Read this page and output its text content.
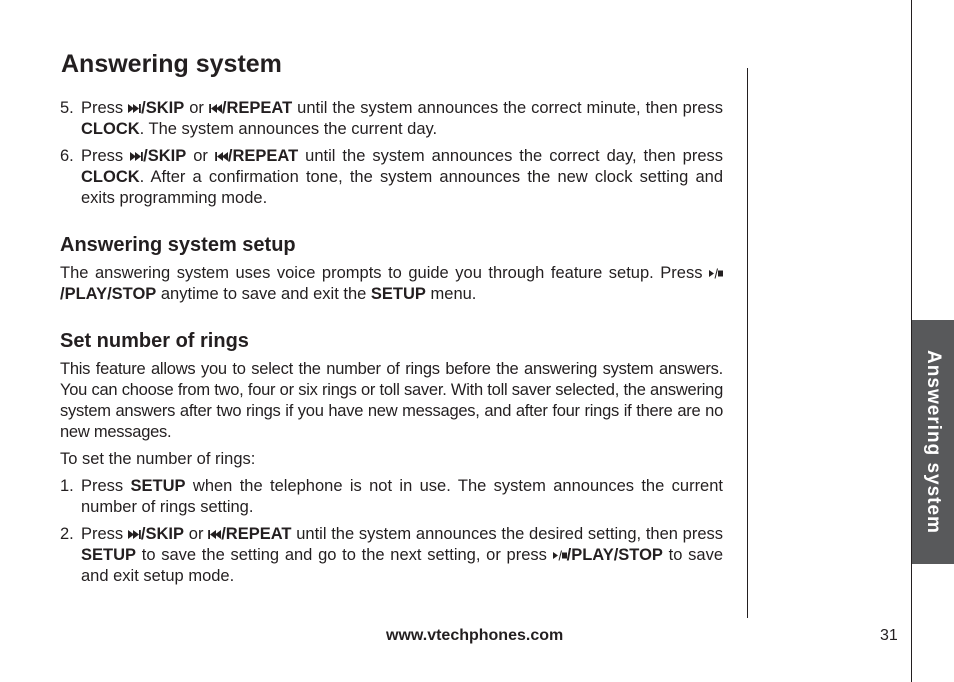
Answering system
5. Press /SKIP or /REPEAT until the system announces the correct minute, then press CLOCK. The system announces the current day.
6. Press /SKIP or /REPEAT until the system announces the correct day, then press CLOCK. After a confirmation tone, the system announces the new clock setting and exits programming mode.
Answering system setup
The answering system uses voice prompts to guide you through feature setup. Press /PLAY/STOP anytime to save and exit the SETUP menu.
Set number of rings
This feature allows you to select the number of rings before the answering system answers. You can choose from two, four or six rings or toll saver. With toll saver selected, the answering system answers after two rings if you have new messages, and after four rings if there are no new messages.
To set the number of rings:
1. Press SETUP when the telephone is not in use. The system announces the current number of rings setting.
2. Press /SKIP or /REPEAT until the system announces the desired setting, then press SETUP to save the setting and go to the next setting, or press /PLAY/STOP to save and exit setup mode.
Answering system
www.vtechphones.com	31
